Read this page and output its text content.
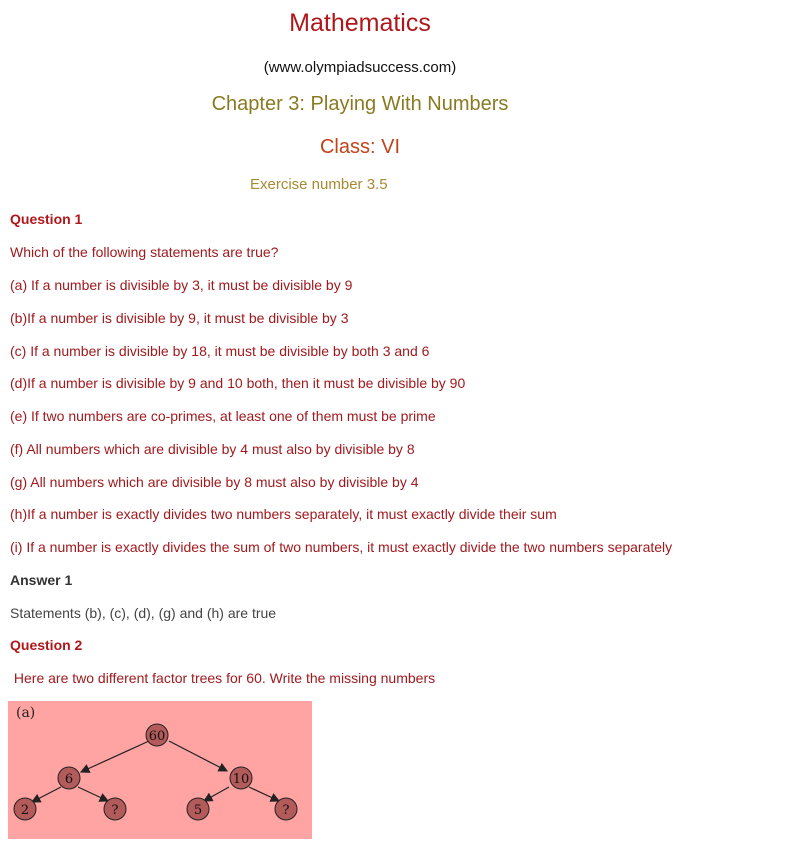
Mathematics
(www.olympiadsuccess.com)
Chapter 3: Playing With Numbers
Class: VI
Exercise number 3.5
Question 1
Which of the following statements are true?
(a) If a number is divisible by 3, it must be divisible by 9
(b)If a number is divisible by 9, it must be divisible by 3
(c) If a number is divisible by 18, it must be divisible by both 3 and 6
(d)If a number is divisible by 9 and 10 both, then it must be divisible by 90
(e) If two numbers are co-primes, at least one of them must be prime
(f) All numbers which are divisible by 4 must also by divisible by 8
(g) All numbers which are divisible by 8 must also by divisible by 4
(h)If a number is exactly divides two numbers separately, it must exactly divide their sum
(i) If a number is exactly divides the sum of two numbers, it must exactly divide the two numbers separately
Answer 1
Statements (b), (c), (d), (g) and (h) are true
Question 2
Here are two different factor trees for 60. Write the missing numbers
(a)
60
6	10
2	?	5	?
